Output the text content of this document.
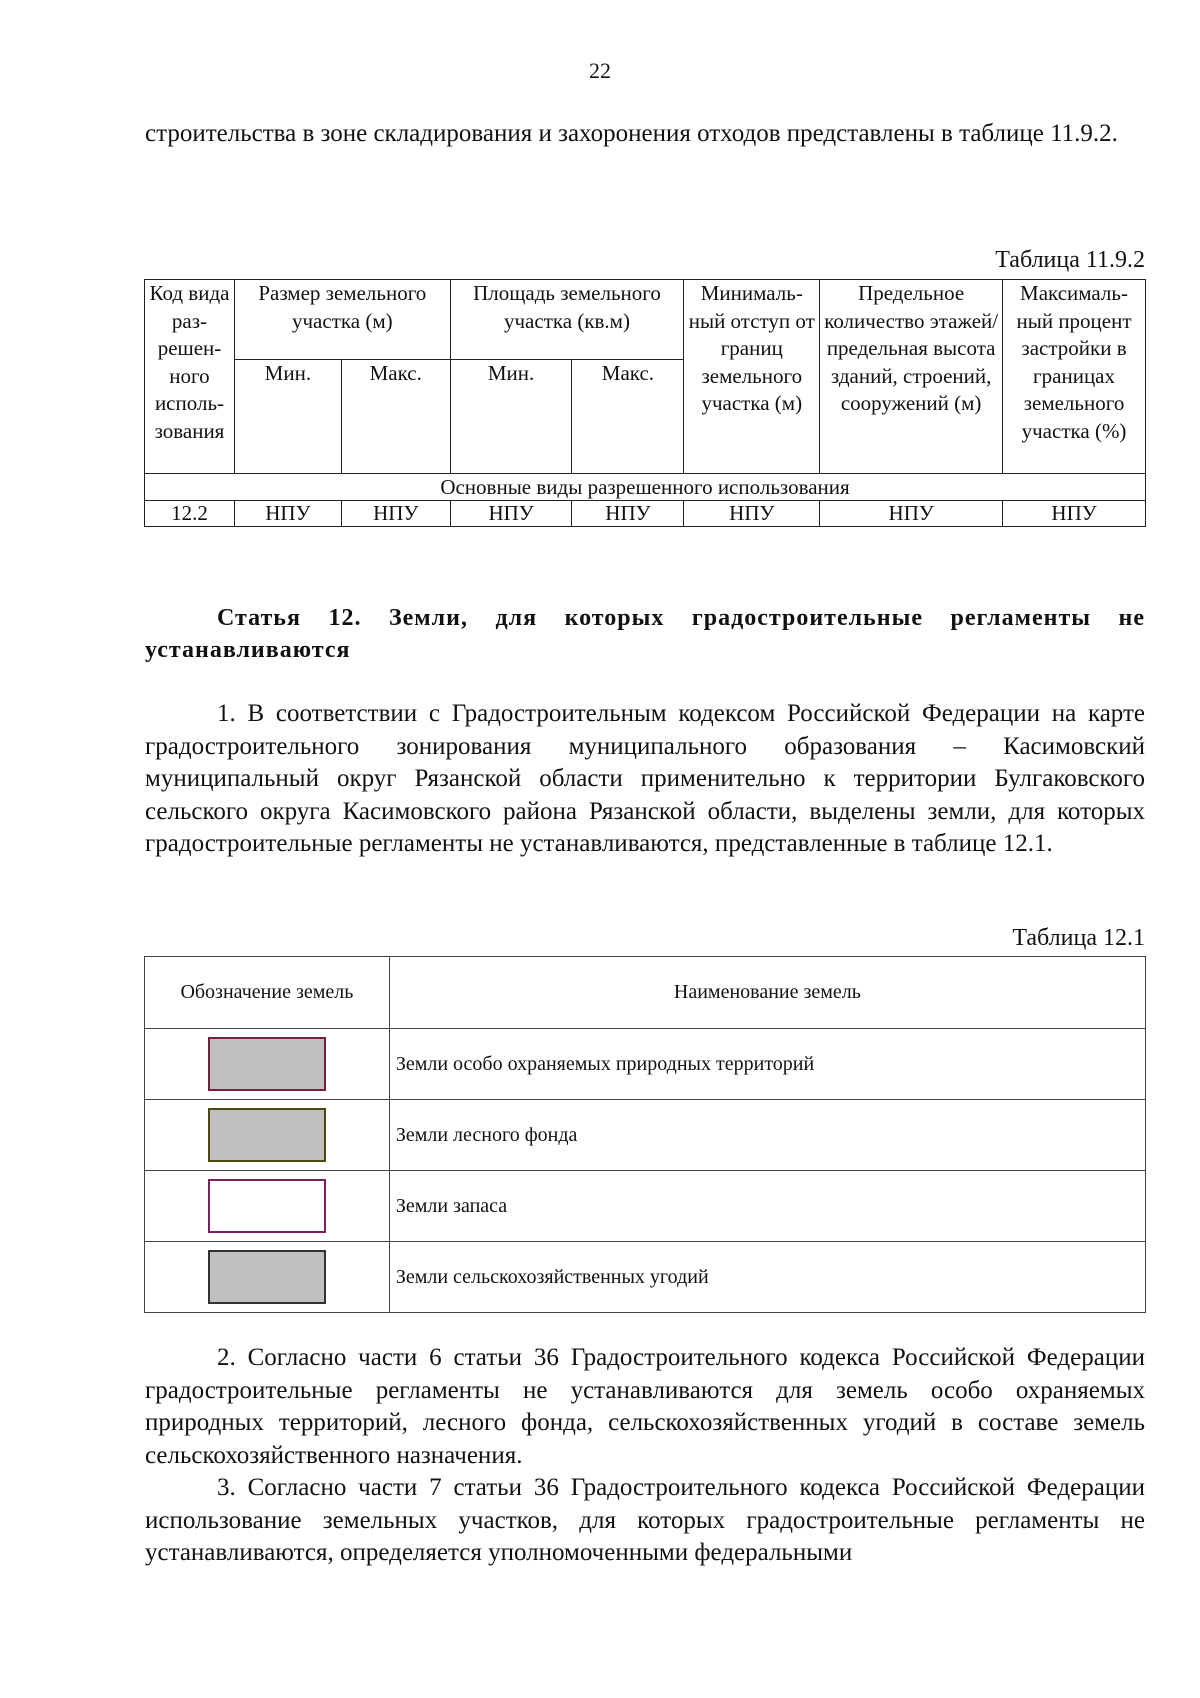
22
строительства в зоне складирования и захоронения отходов представлены в таблице 11.9.2.
Таблица 11.9.2
Код вида раз-решен-ного исполь-зования	Размер земельного участка (м)		Площадь земельного участка (кв.м)		Минималь-ный отступ от границ земельного участка (м)	Предельное количество этажей/ предельная высота зданий, строений, сооружений (м)	Максималь-ный процент застройки в границах земельного участка (%)
	Мин.	Макс.	Мин.	Макс.			
Основные виды разрешенного использования							
12.2	НПУ	НПУ	НПУ	НПУ	НПУ	НПУ	НПУ
Статья 12. Земли, для которых градостроительные регламенты не устанавливаются
1. В соответствии с Градостроительным кодексом Российской Федерации на карте градостроительного зонирования муниципального образования – Касимовский муниципальный округ Рязанской области применительно к территории Булгаковского сельского округа Касимовского района Рязанской области, выделены земли, для которых градостроительные регламенты не устанавливаются, представленные в таблице 12.1.
Таблица 12.1
Обозначение земель	Наименование земель
	Земли особо охраняемых природных территорий
	Земли лесного фонда
	Земли запаса
	Земли сельскохозяйственных угодий
2. Согласно части 6 статьи 36 Градостроительного кодекса Российской Федерации градостроительные регламенты не устанавливаются для земель особо охраняемых природных территорий, лесного фонда, сельскохозяйственных угодий в составе земель сельскохозяйственного назначения.
3. Согласно части 7 статьи 36 Градостроительного кодекса Российской Федерации использование земельных участков, для которых градостроительные регламенты не устанавливаются, определяется уполномоченными федеральными
